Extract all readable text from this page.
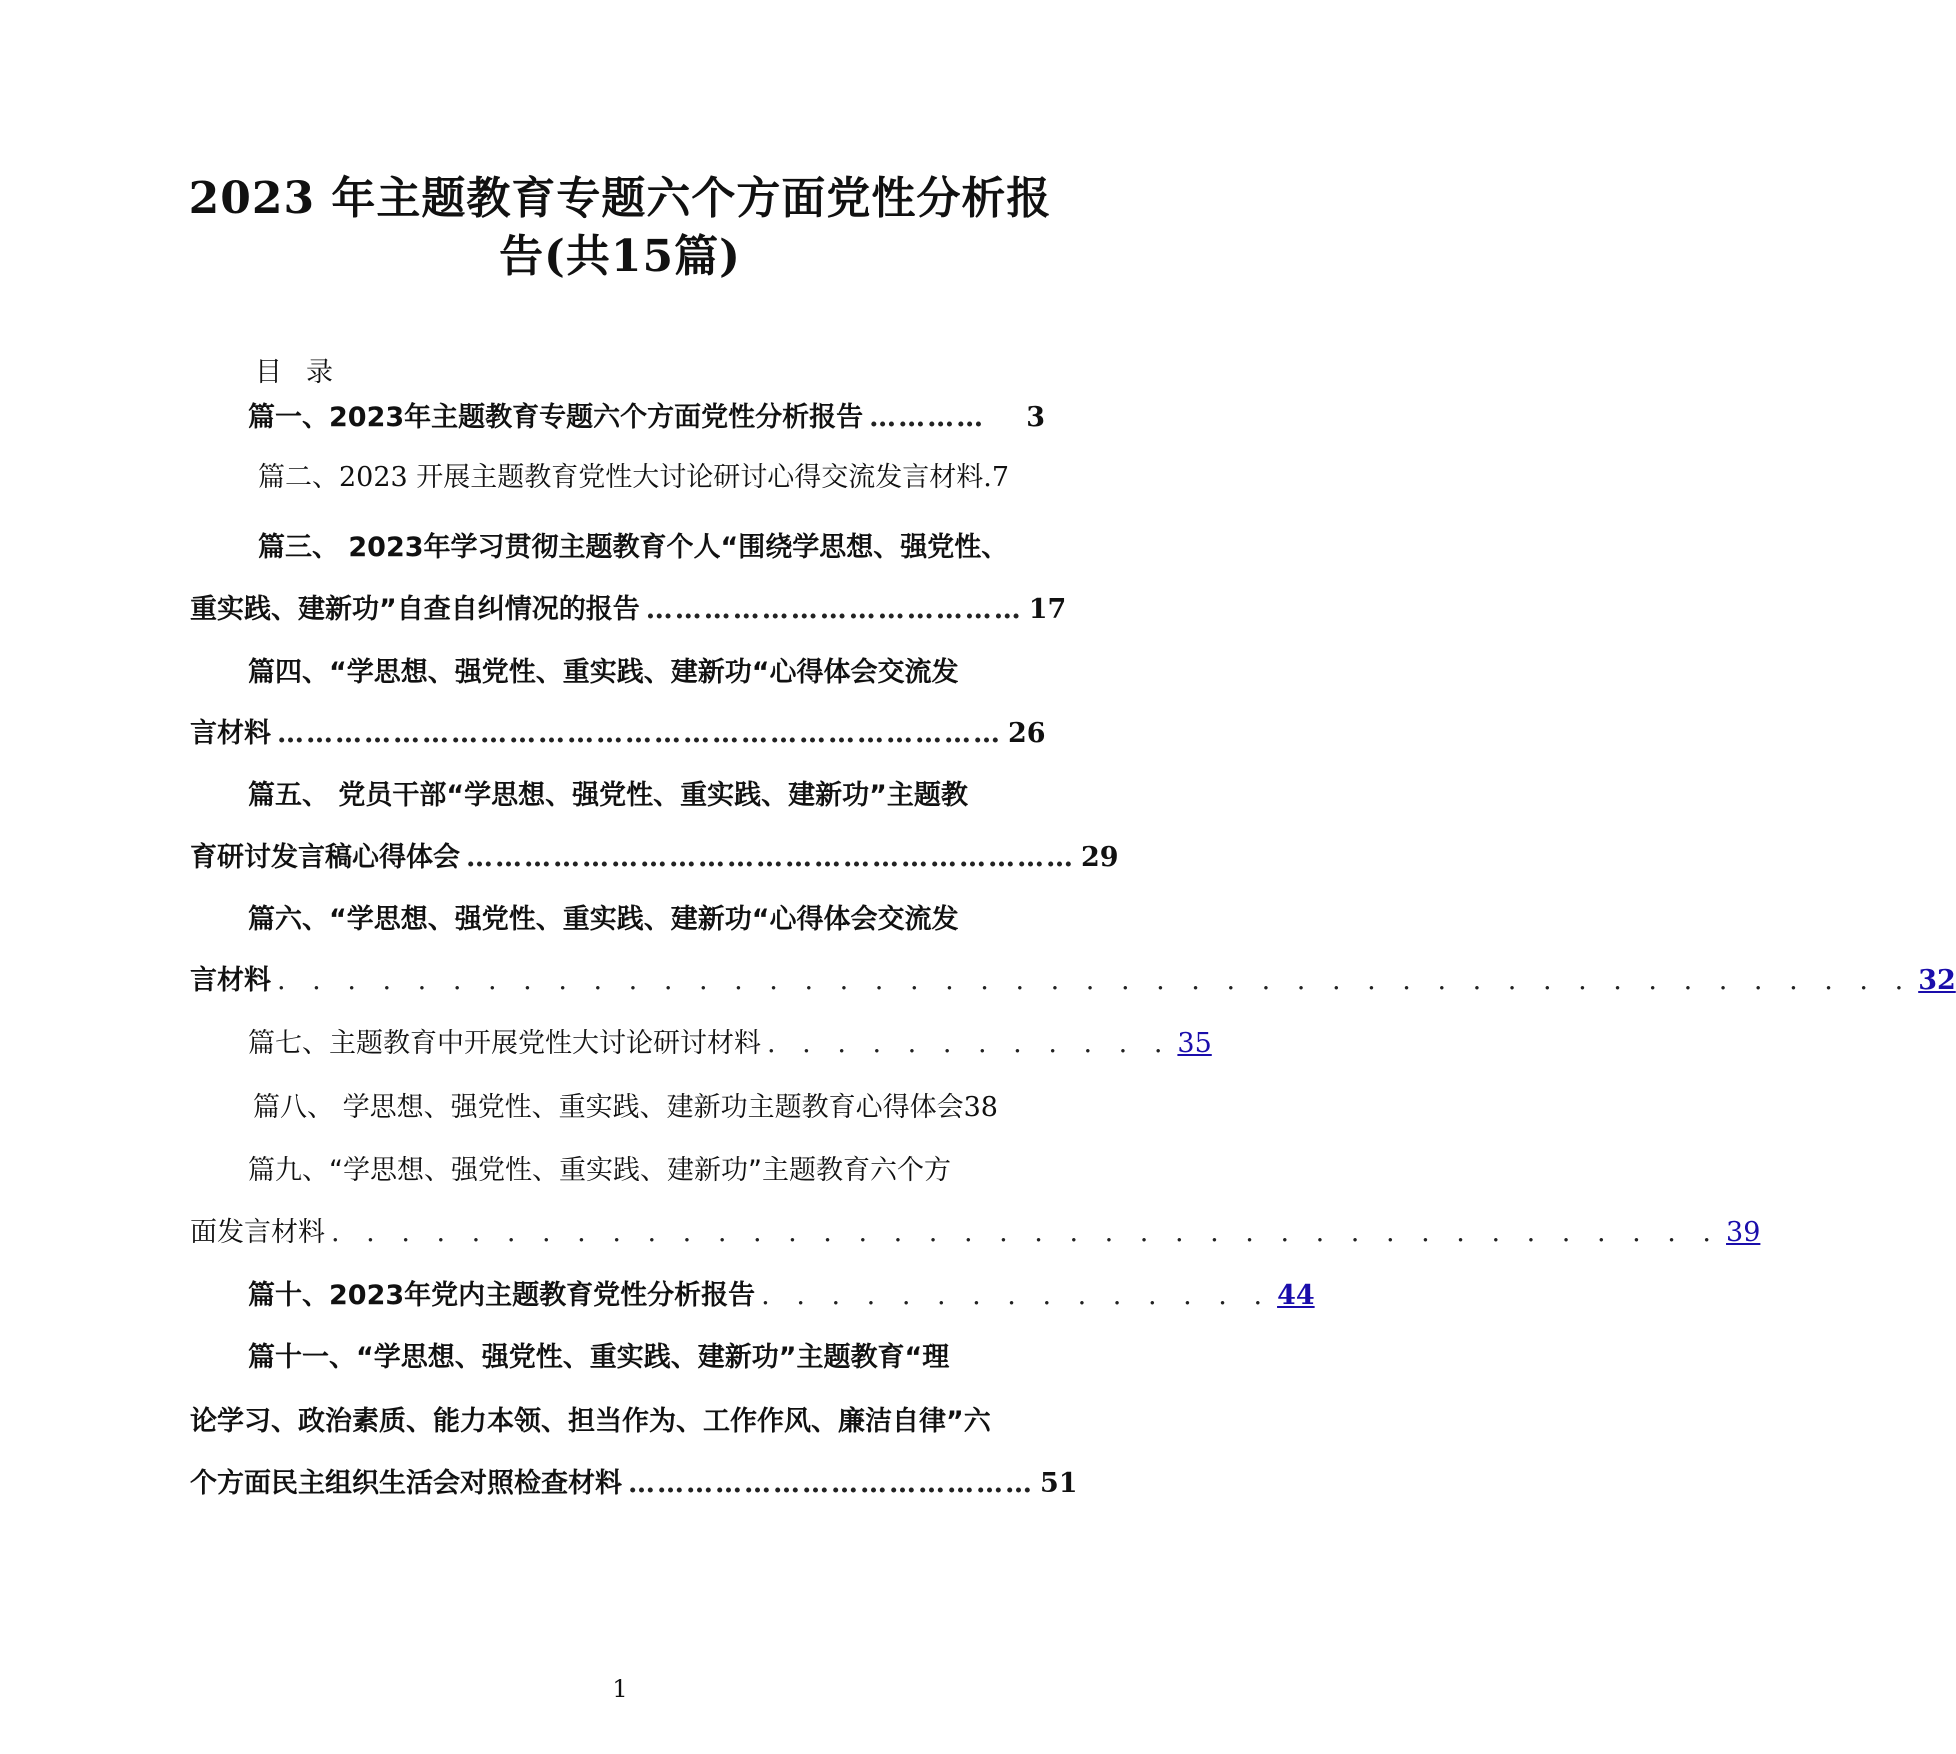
2023 年主题教育专题六个方面党性分析报
告(共15篇)
目录
篇一、2023年主题教育专题六个方面党性分析报告 …………	3
篇二、2023 开展主题教育党性大讨论研讨心得交流发言材料. 7
篇三、 2023年学习贯彻主题教育个人“围绕学思想、强党性、
重实践、建新功”自查自纠情况的报告 ………………………………… 17
篇四、“学思想、强党性、重实践、建新功“心得体会交流发
言材料 ………………………………………………………………… 26
篇五、 党员干部“学思想、强党性、重实践、建新功”主题教
育研讨发言稿心得体会 ……………………………………………………… 29
篇六、“学思想、强党性、重实践、建新功“心得体会交流发
言材料 . . . . . . . . . . . . . . . . . . . . . . . . . . . . . . . . . . . . . . . . . . . . . . . 32
篇七、主题教育中开展党性大讨论研讨材料 . . . . . . . . . . . . 35
篇八、 学思想、强党性、重实践、建新功主题教育心得体会 38
篇九、“学思想、强党性、重实践、建新功”主题教育六个方
面发言材料 . . . . . . . . . . . . . . . . . . . . . . . . . . . . . . . . . . . . . . . . 39
篇十、2023年党内主题教育党性分析报告 . . . . . . . . . . . . . . . 44
篇十一、“学思想、强党性、重实践、建新功”主题教育“理
论学习、政治素质、能力本领、担当作为、工作作风、廉洁自律”六
个方面民主组织生活会对照检查材料 …………………………………… 51
1
